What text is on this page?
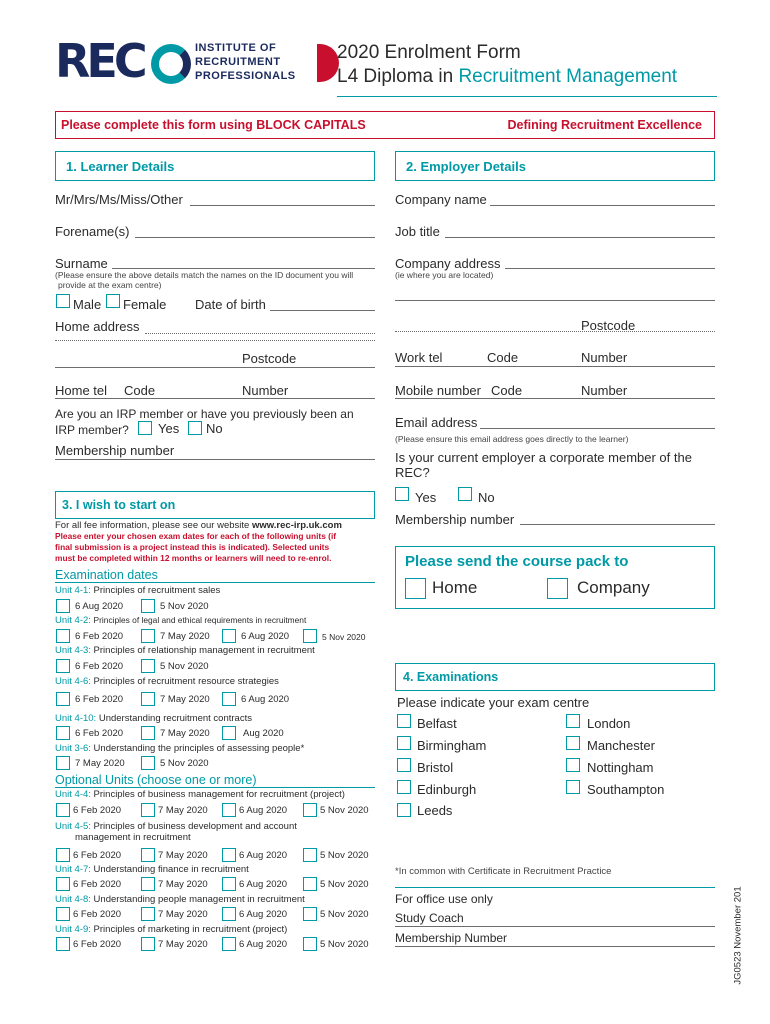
REC	INSTITUTE OF
RECRUITMENT
PROFESSIONALS
2020 Enrolment Form
L4 Diploma in Recruitment Management
Please complete this form using BLOCK CAPITALS	Defining Recruitment Excellence
1. Learner Details
Mr/Mrs/Ms/Miss/Other
Forename(s)
Surname
(Please ensure the above details match the names on the ID document you will
provide at the exam centre)
Male Female Date of birth
Home address
Postcode
Home tel Code	Number
Are you an IRP member or have you previously been an
IRP member? Yes No
Membership number
3. I wish to start on
For all fee information, please see our website www.rec-irp.uk.com
Please enter your chosen exam dates for each of the following units (if
final submission is a project instead this is indicated). Selected units
must be completed within 12 months or learners will need to re-enrol.
Examination dates
Unit 4-1: Principles of recruitment sales
6 Aug 2020	5 Nov 2020
Unit 4-2: Principles of legal and ethical requirements in recruitment
6 Feb 2020	7 May 2020	6 Aug 2020	5 Nov 2020
Unit 4-3: Principles of relationship management in recruitment
6 Feb 2020	5 Nov 2020
Unit 4-6: Principles of recruitment resource strategies
6 Feb 2020	7 May 2020	6 Aug 2020
Unit 4-10: Understanding recruitment contracts
6 Feb 2020	7 May 2020	Aug 2020
Unit 3-6: Understanding the principles of assessing people*
7 May 2020	5 Nov 2020
Optional Units (choose one or more)
Unit 4-4: Principles of business management for recruitment (project)
6 Feb 2020	7 May 2020	6 Aug 2020	5 Nov 2020
Unit 4-5: Principles of business development and account
management in recruitment
6 Feb 2020	7 May 2020	6 Aug 2020	5 Nov 2020
Unit 4-7: Understanding finance in recruitment
6 Feb 2020	7 May 2020	6 Aug 2020	5 Nov 2020
Unit 4-8: Understanding people management in recruitment
6 Feb 2020	7 May 2020	6 Aug 2020	5 Nov 2020
Unit 4-9: Principles of marketing in recruitment (project)
6 Feb 2020	7 May 2020	6 Aug 2020	5 Nov 2020
2. Employer Details
Company name
Job title
Company address
(ie where you are located)
Postcode
Work tel	Code	Number
Mobile number Code	Number
Email address
(Please ensure this email address goes directly to the learner)
Is your current employer a corporate member of the
REC?
Yes	No
Membership number
Please send the course pack to
Home	Company
4. Examinations
Please indicate your exam centre
Belfast
Birmingham
Bristol
Edinburgh
Leeds
London
Manchester
Nottingham
Southampton
*In common with Certificate in Recruitment Practice
For office use only
Study Coach
Membership Number	JG0523 November 201
